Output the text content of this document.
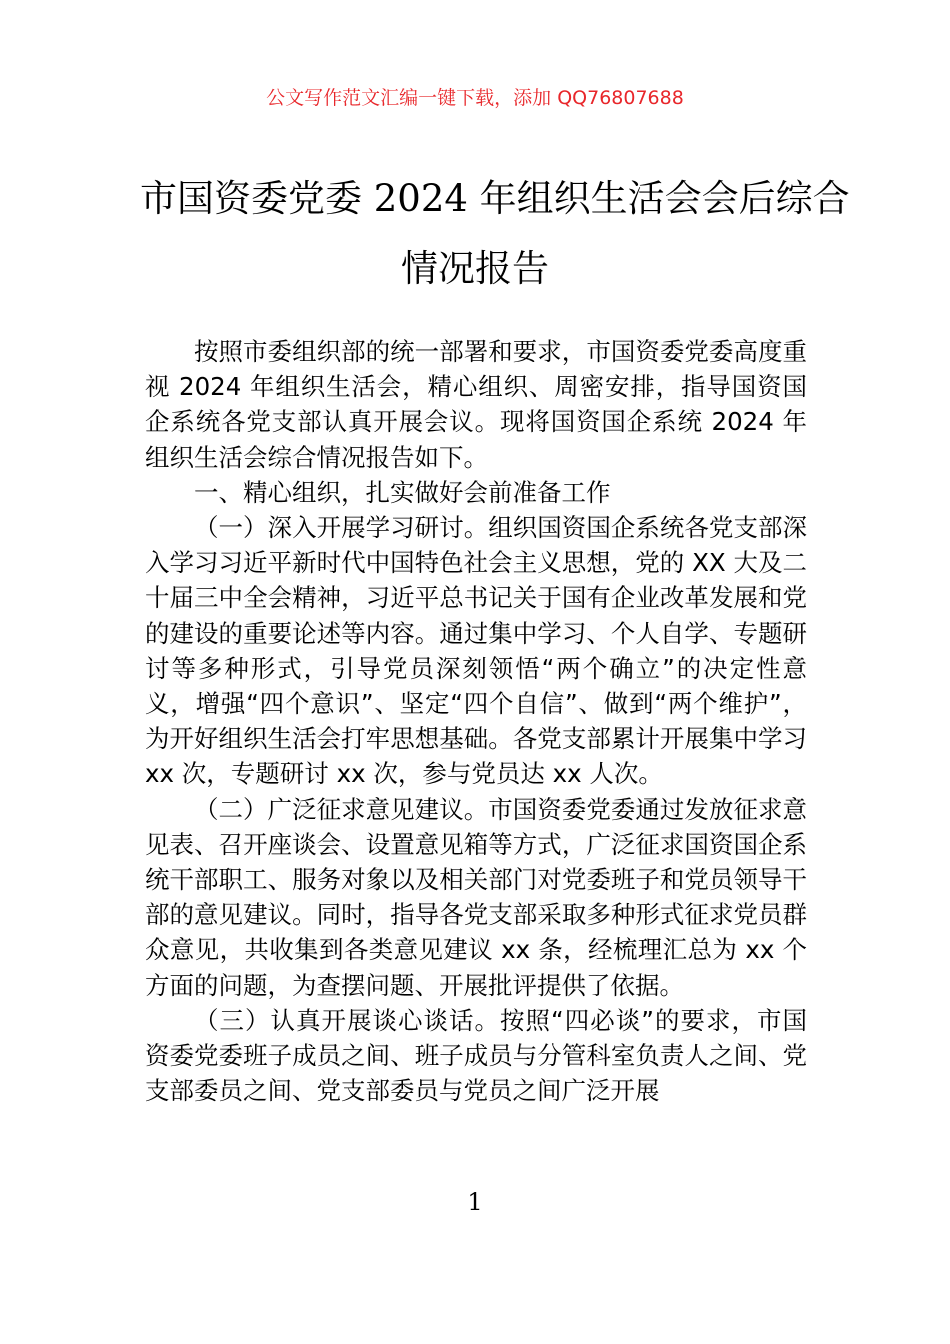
公文写作范文汇编一键下载，添加 QQ76807688
市国资委党委 2024 年组织生活会会后综合
情况报告

按照市委组织部的统一部署和要求，市国资委党委高度重视 2024 年组织生活会，精心组织、周密安排，指导国资国企系统各党支部认真开展会议。现将国资国企系统 2024 年组织生活会综合情况报告如下。

一、精心组织，扎实做好会前准备工作

（一）深入开展学习研讨。组织国资国企系统各党支部深入学习习近平新时代中国特色社会主义思想，党的 XX 大及二十届三中全会精神，习近平总书记关于国有企业改革发展和党的建设的重要论述等内容。通过集中学习、个人自学、专题研讨等多种形式，引导党员深刻领悟“两个确立”的决定性意义，增强“四个意识”、坚定“四个自信”、做到“两个维护”，为开好组织生活会打牢思想基础。各党支部累计开展集中学习 xx 次，专题研讨 xx 次，参与党员达 xx 人次。

（二）广泛征求意见建议。市国资委党委通过发放征求意见表、召开座谈会、设置意见箱等方式，广泛征求国资国企系统干部职工、服务对象以及相关部门对党委班子和党员领导干部的意见建议。同时，指导各党支部采取多种形式征求党员群众意见，共收集到各类意见建议 xx 条，经梳理汇总为 xx 个方面的问题，为查摆问题、开展批评提供了依据。

（三）认真开展谈心谈话。按照“四必谈”的要求，市国资委党委班子成员之间、班子成员与分管科室负责人之间、党支部委员之间、党支部委员与党员之间广泛开展

1
